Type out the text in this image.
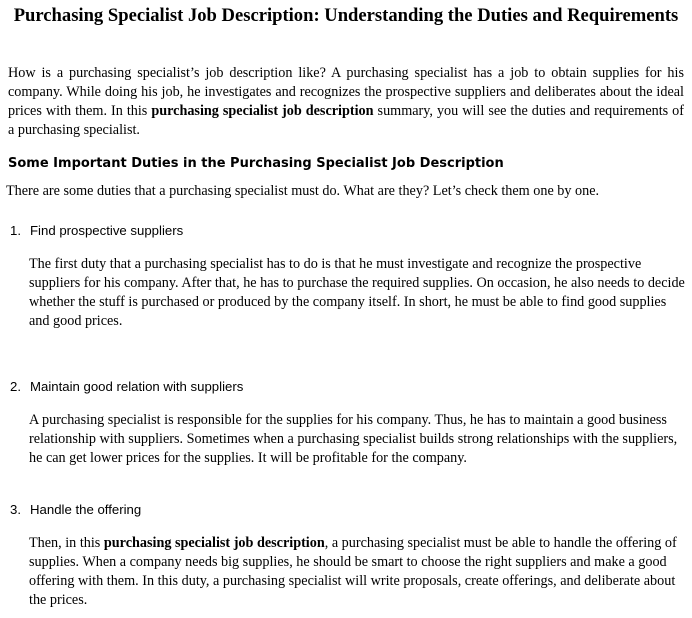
Purchasing Specialist Job Description: Understanding the Duties and Requirements

How is a purchasing specialist’s job description like? A purchasing specialist has a job to obtain supplies for his company. While doing his job, he investigates and recognizes the prospective suppliers and deliberates about the ideal prices with them. In this purchasing specialist job description summary, you will see the duties and requirements of a purchasing specialist.

Some Important Duties in the Purchasing Specialist Job Description

There are some duties that a purchasing specialist must do. What are they? Let’s check them one by one.

1. Find prospective suppliers

The first duty that a purchasing specialist has to do is that he must investigate and recognize the prospective suppliers for his company. After that, he has to purchase the required supplies. On occasion, he also needs to decide whether the stuff is purchased or produced by the company itself. In short, he must be able to find good supplies and good prices.

2. Maintain good relation with suppliers

A purchasing specialist is responsible for the supplies for his company. Thus, he has to maintain a good business relationship with suppliers. Sometimes when a purchasing specialist builds strong relationships with the suppliers, he can get lower prices for the supplies. It will be profitable for the company.

3. Handle the offering

Then, in this purchasing specialist job description, a purchasing specialist must be able to handle the offering of supplies. When a company needs big supplies, he should be smart to choose the right suppliers and make a good offering with them. In this duty, a purchasing specialist will write proposals, create offerings, and deliberate about the prices.
